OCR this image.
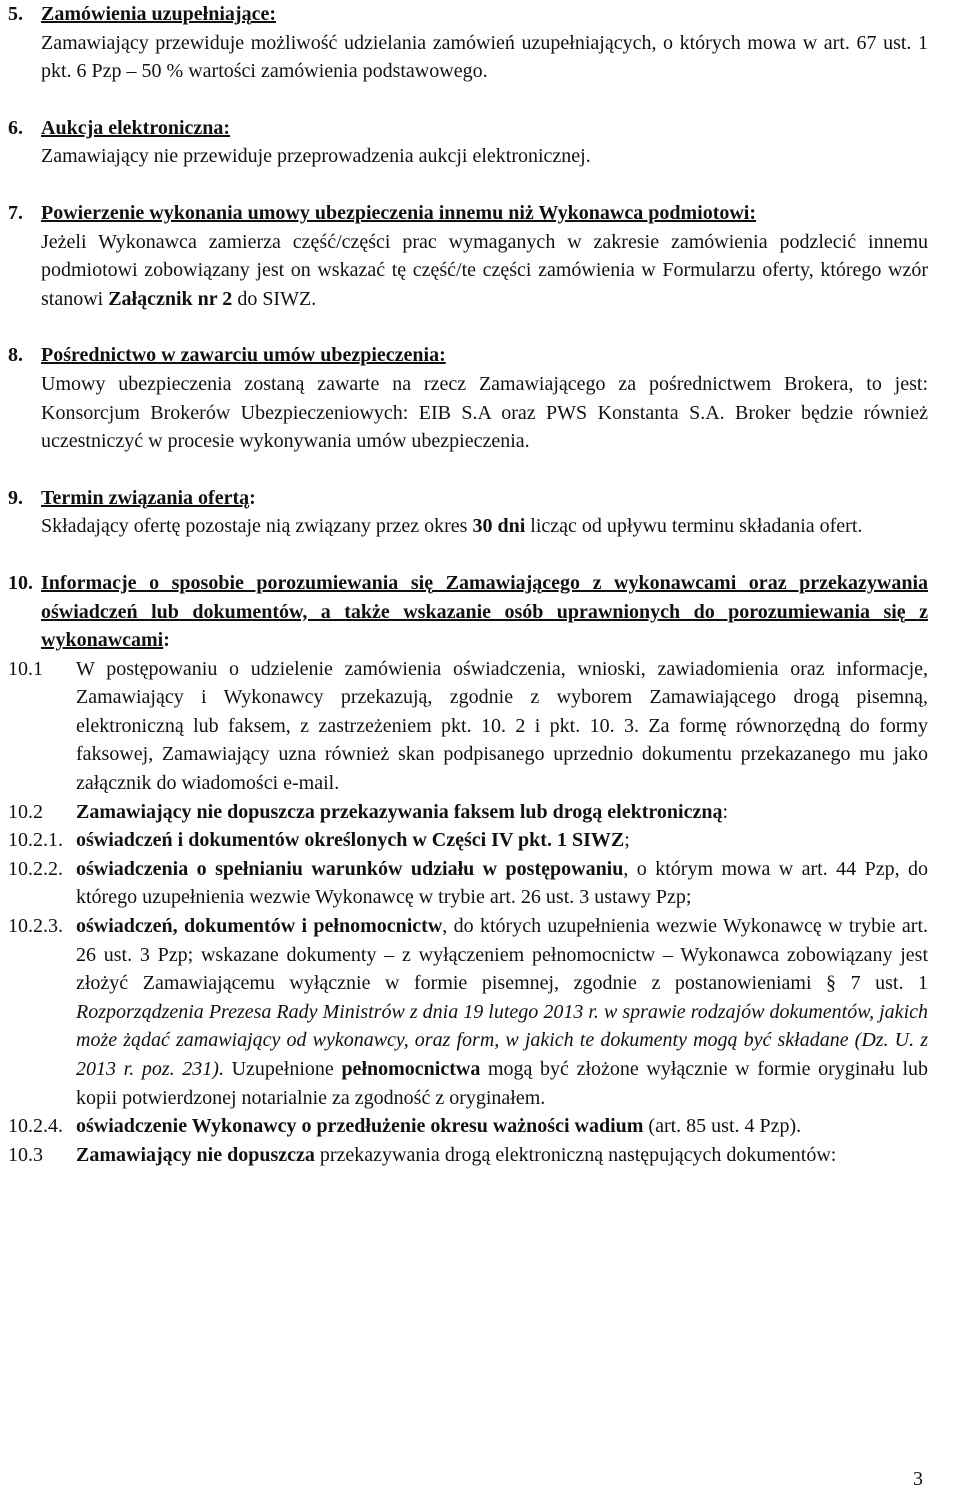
5. Zamówienia uzupełniające:

Zamawiający przewiduje możliwość udzielania zamówień uzupełniających, o których mowa w art. 67 ust. 1 pkt. 6 Pzp – 50 % wartości zamówienia podstawowego.

6. Aukcja elektroniczna:

Zamawiający nie przewiduje przeprowadzenia aukcji elektronicznej.

7. Powierzenie wykonania umowy ubezpieczenia innemu niż Wykonawca podmiotowi:

Jeżeli Wykonawca zamierza część/części prac wymaganych w zakresie zamówienia podzlecić innemu podmiotowi zobowiązany jest on wskazać tę część/te części zamówienia w Formularzu oferty, którego wzór stanowi Załącznik nr 2 do SIWZ.

8. Pośrednictwo w zawarciu umów ubezpieczenia:

Umowy ubezpieczenia zostaną zawarte na rzecz Zamawiającego za pośrednictwem Brokera, to jest: Konsorcjum Brokerów Ubezpieczeniowych: EIB S.A oraz PWS Konstanta S.A. Broker będzie również uczestniczyć w procesie wykonywania umów ubezpieczenia.

9. Termin związania ofertą:

Składający ofertę pozostaje nią związany przez okres 30 dni licząc od upływu terminu składania ofert.

10. Informacje o sposobie porozumiewania się Zamawiającego z wykonawcami oraz przekazywania oświadczeń lub dokumentów, a także wskazanie osób uprawnionych do porozumiewania się z wykonawcami:

10.1 W postępowaniu o udzielenie zamówienia oświadczenia, wnioski, zawiadomienia oraz informacje, Zamawiający i Wykonawcy przekazują, zgodnie z wyborem Zamawiającego drogą pisemną, elektroniczną lub faksem, z zastrzeżeniem pkt. 10. 2 i pkt. 10. 3. Za formę równorzędną do formy faksowej, Zamawiający uzna również skan podpisanego uprzednio dokumentu przekazanego mu jako załącznik do wiadomości e-mail.

10.2 Zamawiający nie dopuszcza przekazywania faksem lub drogą elektroniczną:

10.2.1. oświadczeń i dokumentów określonych w Części IV pkt. 1 SIWZ;

10.2.2. oświadczenia o spełnianiu warunków udziału w postępowaniu, o którym mowa w art. 44 Pzp, do którego uzupełnienia wezwie Wykonawcę w trybie art. 26 ust. 3 ustawy Pzp;

10.2.3. oświadczeń, dokumentów i pełnomocnictw, do których uzupełnienia wezwie Wykonawcę w trybie art. 26 ust. 3 Pzp; wskazane dokumenty – z wyłączeniem pełnomocnictw – Wykonawca zobowiązany jest złożyć Zamawiającemu wyłącznie w formie pisemnej, zgodnie z postanowieniami § 7 ust. 1 Rozporządzenia Prezesa Rady Ministrów z dnia 19 lutego 2013 r. w sprawie rodzajów dokumentów, jakich może żądać zamawiający od wykonawcy, oraz form, w jakich te dokumenty mogą być składane (Dz. U. z 2013 r. poz. 231). Uzupełnione pełnomocnictwa mogą być złożone wyłącznie w formie oryginału lub kopii potwierdzonej notarialnie za zgodność z oryginałem.

10.2.4. oświadczenie Wykonawcy o przedłużenie okresu ważności wadium (art. 85 ust. 4 Pzp).

10.3 Zamawiający nie dopuszcza przekazywania drogą elektroniczną następujących dokumentów:

3
